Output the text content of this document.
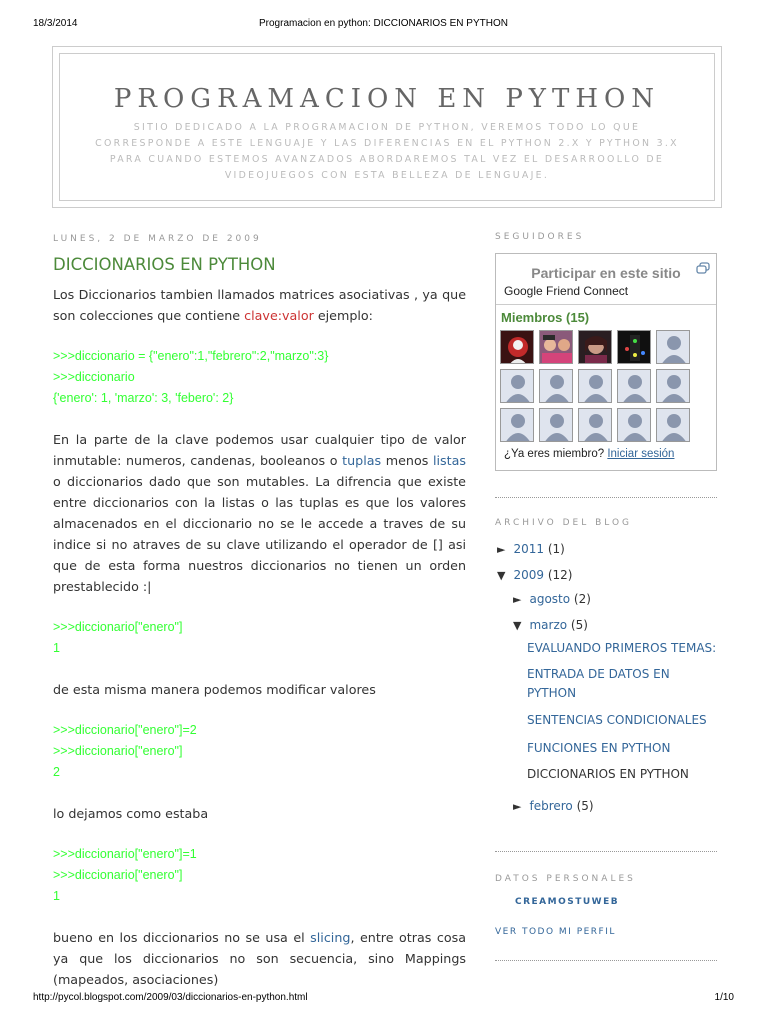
18/3/2014	Programacion en python: DICCIONARIOS EN PYTHON
PROGRAMACION EN PYTHON
SITIO DEDICADO A LA PROGRAMACION DE PYTHON, VEREMOS TODO LO QUE CORRESPONDE A ESTE LENGUAJE Y LAS DIFERENCIAS EN EL PYTHON 2.X Y PYTHON 3.X PARA CUANDO ESTEMOS AVANZADOS ABORDAREMOS TAL VEZ EL DESARROOLLO DE VIDEOJUEGOS CON ESTA BELLEZA DE LENGUAJE.
LUNES, 2 DE MARZO DE 2009
DICCIONARIOS EN PYTHON

Los Diccionarios tambien llamados matrices asociativas , ya que son colecciones que contiene clave:valor ejemplo:

>>>diccionario = {"enero":1,"febrero":2,"marzo":3}
>>>diccionario
{'enero': 1, 'marzo': 3, 'febero': 2}

En la parte de la clave podemos usar cualquier tipo de valor inmutable: numeros, candenas, booleanos o tuplas menos listas o diccionarios dado que son mutables. La difrencia que existe entre diccionarios con la listas o las tuplas es que los valores almacenados en el diccionario no se le accede a traves de su indice si no atraves de su clave utilizando el operador de [] asi que de esta forma nuestros diccionarios no tienen un orden prestablecido :|

>>>diccionario["enero"]
1

de esta misma manera podemos modificar valores

>>>diccionario["enero"]=2
>>>diccionario["enero"]
2

lo dejamos como estaba

>>>diccionario["enero"]=1
>>>diccionario["enero"]
1

bueno en los diccionarios no se usa el slicing, entre otras cosa ya que los diccionarios no son secuencia, sino Mappings (mapeados, asociaciones)

SEGUIDORES
Participar en este sitio
Google Friend Connect
Miembros (15)
¿Ya eres miembro? Iniciar sesión
ARCHIVO DEL BLOG
► 2011 (1)
▼ 2009 (12)
► agosto (2)
▼ marzo (5)
EVALUANDO PRIMEROS TEMAS:
ENTRADA DE DATOS EN PYTHON
SENTENCIAS CONDICIONALES
FUNCIONES EN PYTHON
DICCIONARIOS EN PYTHON
► febrero (5)
DATOS PERSONALES
CREAMOSTUWEB
VER TODO MI PERFIL
http://pycol.blogspot.com/2009/03/diccionarios-en-python.html	1/10
